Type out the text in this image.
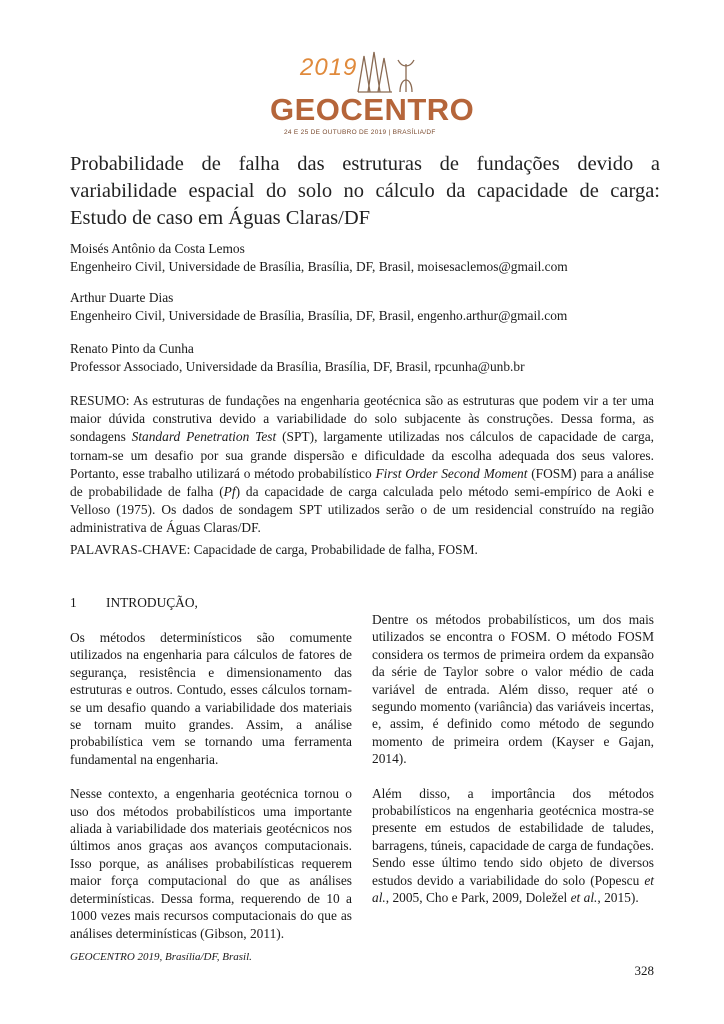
2019
GEOCENTRO
24 E 25 DE OUTUBRO DE 2019 | BRASÍLIA/DF
Probabilidade de falha das estruturas de fundações devido a
variabilidade espacial do solo no cálculo da capacidade de carga:
Estudo de caso em Águas Claras/DF
Moisés Antônio da Costa Lemos
Engenheiro Civil, Universidade de Brasília, Brasília, DF, Brasil, moisesaclemos@gmail.com
Arthur Duarte Dias
Engenheiro Civil, Universidade de Brasília, Brasília, DF, Brasil, engenho.arthur@gmail.com
Renato Pinto da Cunha
Professor Associado, Universidade da Brasília, Brasília, DF, Brasil, rpcunha@unb.br
RESUMO: As estruturas de fundações na engenharia geotécnica são as estruturas que podem vir a ter uma maior dúvida construtiva devido a variabilidade do solo subjacente às construções. Dessa forma, as sondagens Standard Penetration Test (SPT), largamente utilizadas nos cálculos de capacidade de carga, tornam-se um desafio por sua grande dispersão e dificuldade da escolha adequada dos seus valores. Portanto, esse trabalho utilizará o método probabilístico First Order Second Moment (FOSM) para a análise de probabilidade de falha (Pf) da capacidade de carga calculada pelo método semi-empírico de Aoki e Velloso (1975). Os dados de sondagem SPT utilizados serão o de um residencial construído na região administrativa de Águas Claras/DF.
PALAVRAS-CHAVE: Capacidade de carga, Probabilidade de falha, FOSM.
1 INTRODUÇÃO,

Os métodos determinísticos são comumente utilizados na engenharia para cálculos de fatores de segurança, resistência e dimensionamento das estruturas e outros. Contudo, esses cálculos tornam-se um desafio quando a variabilidade dos materiais se tornam muito grandes. Assim, a análise probabilística vem se tornando uma ferramenta fundamental na engenharia.

Nesse contexto, a engenharia geotécnica tornou o uso dos métodos probabilísticos uma importante aliada à variabilidade dos materiais geotécnicos nos últimos anos graças aos avanços computacionais. Isso porque, as análises probabilísticas requerem maior força computacional do que as análises determinísticas. Dessa forma, requerendo de 10 a 1000 vezes mais recursos computacionais do que as análises determinísticas (Gibson, 2011).

Dentre os métodos probabilísticos, um dos mais utilizados se encontra o FOSM. O método FOSM considera os termos de primeira ordem da expansão da série de Taylor sobre o valor médio de cada variável de entrada. Além disso, requer até o segundo momento (variância) das variáveis incertas, e, assim, é definido como método de segundo momento de primeira ordem (Kayser e Gajan, 2014).

Além disso, a importância dos métodos probabilísticos na engenharia geotécnica mostra-se presente em estudos de estabilidade de taludes, barragens, túneis, capacidade de carga de fundações. Sendo esse último tendo sido objeto de diversos estudos devido a variabilidade do solo (Popescu et al., 2005, Cho e Park, 2009, Doležel et al., 2015).

GEOCENTRO 2019, Brasília/DF, Brasil.
328
